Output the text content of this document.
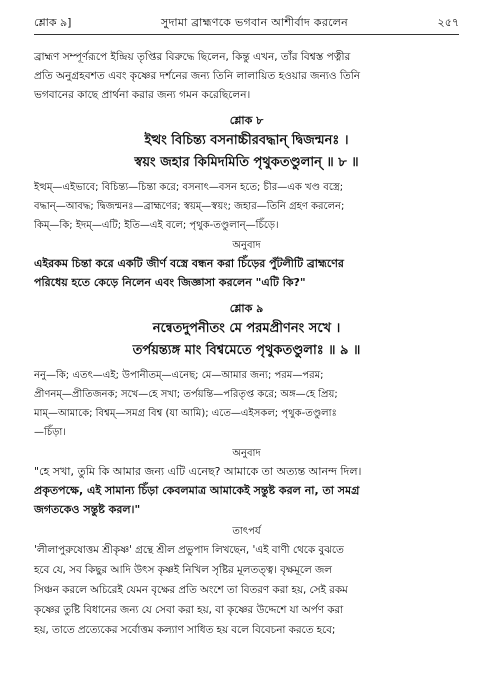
শ্লোক ৯]	সুদামা ব্রাহ্মণকে ভগবান আশীর্বাদ করলেন	২৫৭
ব্রাহ্মণ সম্পূর্ণরূপে ইন্দ্রিয় তৃপ্তির বিরুদ্ধে ছিলেন, কিন্তু এখন, তাঁর বিশ্বস্ত পত্নীর
প্রতি অনুগ্রহবশত এবং কৃষ্ণের দর্শনের জন্য তিনি লালায়িত হওয়ার জন্যও তিনি
ভগবানের কাছে প্রার্থনা করার জন্য গমন করেছিলেন।
শ্লোক ৮
ইত্থং বিচিন্ত্য বসনাচ্চীরবদ্ধান্ দ্বিজন্মনঃ ।
স্বয়ং জহার কিমিদমিতি পৃথুকতণ্ডুলান্ ॥ ৮ ॥
ইত্থম্—এইভাবে; বিচিন্ত্য—চিন্তা করে; বসনাৎ—বসন হতে; চীর—এক খণ্ড বস্ত্রে;
বদ্ধান্—আবদ্ধ; দ্বিজন্মনঃ—ব্রাহ্মণের; স্বয়ম্—স্বয়ং; জহার—তিনি গ্রহণ করলেন;
কিম্—কি; ইদম্—এটি; ইতি—এই বলে; পৃথুক-তণ্ডুলান্—চিঁড়ে।
অনুবাদ
এইরকম চিন্তা করে একটি জীর্ণ বস্ত্রে বন্ধন করা চিঁড়ের পুঁটলীটি ব্রাহ্মণের
পরিধেয় হতে কেড়ে নিলেন এবং জিজ্ঞাসা করলেন "এটি কি?"
শ্লোক ৯
নন্বেতদুপনীতং মে পরমপ্রীণনং সখে ।
তর্পয়ন্ত্যঙ্গ মাং বিশ্বমেতে পৃথুকতণ্ডুলাঃ ॥ ৯ ॥
ননু—কি; এতৎ—এই; উপানীতম্—এনেছ; মে—আমার জন্য; পরম—পরম;
প্রীণনম্—প্রীতিজনক; সখে—হে সখা; তর্পয়ন্তি—পরিতৃপ্ত করে; অঙ্গ—হে প্রিয়;
মাম্—আমাকে; বিশ্বম্—সমগ্র বিশ্ব (যা আমি); এতে—এইসকল; পৃথুক-তণ্ডুলাঃ
—চিঁড়া।
অনুবাদ
"হে সখা, তুমি কি আমার জন্য এটি এনেছ? আমাকে তা অত্যন্ত আনন্দ দিল।
প্রকৃতপক্ষে, এই সামান্য চিঁড়া কেবলমাত্র আমাকেই সন্তুষ্ট করল না, তা সমগ্র
জগতকেও সন্তুষ্ট করল।"
তাৎপর্য
'লীলাপুরুষোত্তম শ্রীকৃষ্ণ' গ্রন্থে শ্রীল প্রভুপাদ লিখছেন, 'এই বাণী থেকে বুঝতে
হবে যে, সব কিছুর আদি উৎস কৃষ্ণই নিখিল সৃষ্টির মূলতত্ত্ব। বৃক্ষমূলে জল
সিঞ্চন করলে অচিরেই যেমন বৃক্ষের প্রতি অংশে তা বিতরণ করা হয়, সেই রকম
কৃষ্ণের তুষ্টি বিধানের জন্য যে সেবা করা হয়, বা কৃষ্ণের উদ্দেশে যা অর্পণ করা
হয়, তাতে প্রত্যেকের সর্বোত্তম কল্যাণ সাধিত হয় বলে বিবেচনা করতে হবে;
